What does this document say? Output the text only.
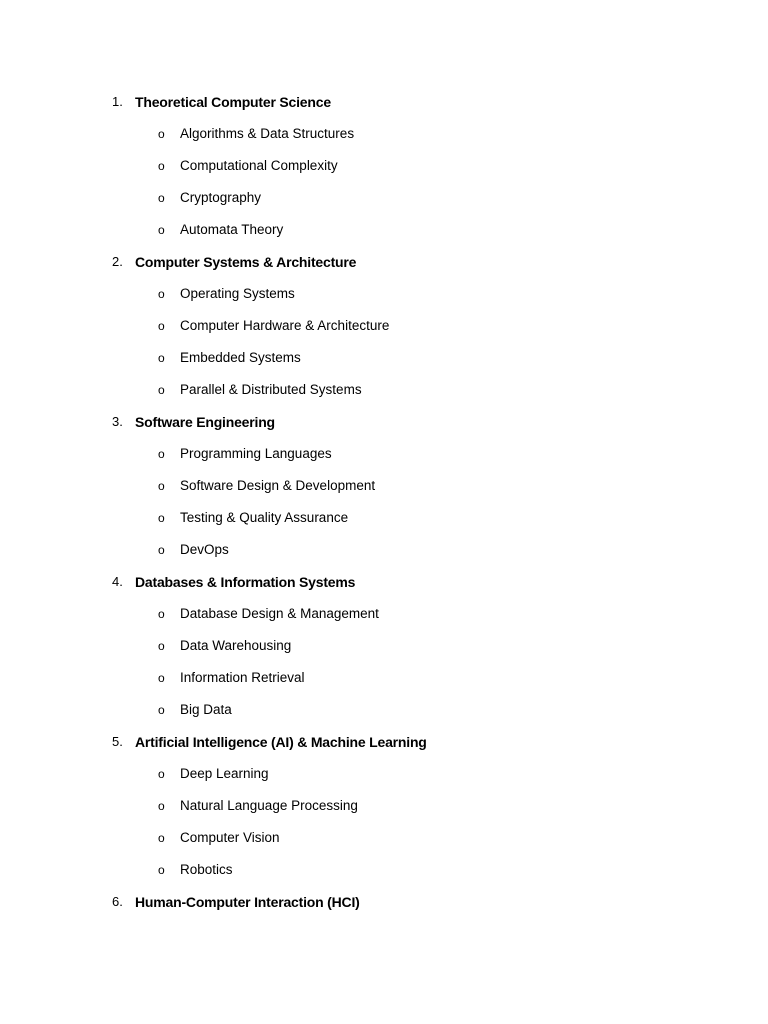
1. Theoretical Computer Science
o Algorithms & Data Structures
o Computational Complexity
o Cryptography
o Automata Theory
2. Computer Systems & Architecture
o Operating Systems
o Computer Hardware & Architecture
o Embedded Systems
o Parallel & Distributed Systems
3. Software Engineering
o Programming Languages
o Software Design & Development
o Testing & Quality Assurance
o DevOps
4. Databases & Information Systems
o Database Design & Management
o Data Warehousing
o Information Retrieval
o Big Data
5. Artificial Intelligence (AI) & Machine Learning
o Deep Learning
o Natural Language Processing
o Computer Vision
o Robotics
6. Human-Computer Interaction (HCI)
